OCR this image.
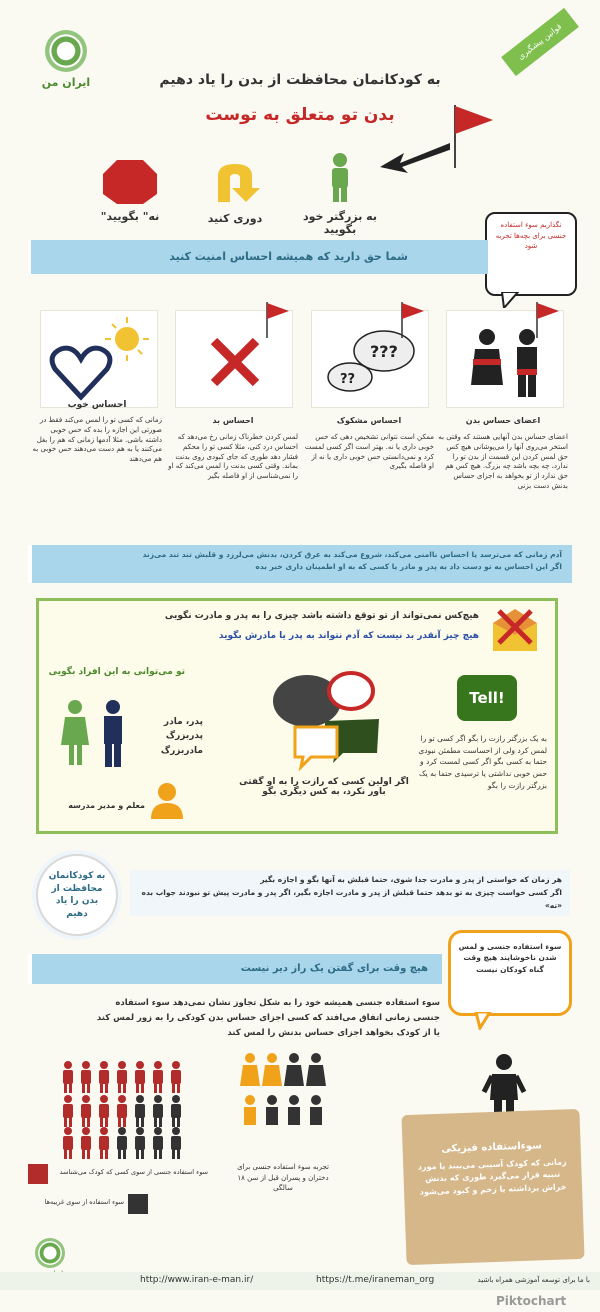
ایران من
قوانین پیشگیری
به کودکانمان محافظت از بدن را یاد دهیم
بدن تو متعلق به توست
به بزرگتر خود بگویید
دوری کنید
"نه" بگویید
نگذاریم سوء استفاده جنسی برای بچه‌ها تجربه شود
شما حق دارید که همیشه احساس امنیت کنید
???
??
اعضای حساس بدن
اعضای حساس بدن آنهایی هستند که وقتی به استخر می‌روی آنها را می‌پوشانی هیچ کس حق لمس کردن این قسمت از بدن تو را ندارد، چه بچه باشد چه بزرگ. هیچ کس هم حق ندارد از تو بخواهد به اجزای حساس بدنش دست بزنی
احساس مشکوک
ممکن است نتوانی تشخیص دهی که حس خوبی داری یا نه. بهتر است اگر کسی لمست کرد و نمی‌دانستی حس خوبی داری یا نه از او فاصله بگیری
احساس بد
لمس کردن خطرناک زمانی رخ می‌دهد که احساس درد کنی، مثلا کسی تو را محکم فشار دهد طوری که جای کبودی روی بدنت بماند. وقتی کسی بدنت را لمس می‌کند که او را نمی‌شناسی از او فاصله بگیر
احساس خوب
زمانی که کسی تو را لمس می‌کند فقط در صورتی این اجازه را بده که حس خوبی داشته باشی. مثلا آدمها زمانی که هم را بغل می‌کنند یا به هم دست می‌دهند حس خوبی به هم می‌دهند
آدم زمانی که می‌ترسد یا احساس ناامنی می‌کند، شروع می‌کند به عرق کردن، بدنش می‌لرزد و قلبش تند تند می‌زند
اگر این احساس به تو دست داد به پدر و مادر یا کسی که به او اطمینان داری خبر بده
هیچ‌کس نمی‌تواند از تو توقع داشته باشد چیزی را به پدر و مادرت نگویی
هیچ چیز آنقدر بد نیست که آدم نتواند به پدر یا مادرش بگوید
تو می‌توانی به این افراد بگویی
پدر، مادر پدربزرگ مادربزرگ
معلم و مدیر مدرسه
اگر اولین کسی که رازت را به او گفتی باور نکرد، به کس دیگری بگو
Tell!
به یک بزرگتر رازت را بگو اگر کسی تو را لمس کرد ولی از احساست مطمئن نبودی حتما به کسی بگو اگر کسی لمست کرد و حس خوبی نداشتی یا ترسیدی حتما به یک بزرگتر رازت را بگو
به کودکانمان محافظت از بدن را یاد دهیم
هر زمان که خواستی از پدر و مادرت جدا شوی، حتما قبلش به آنها بگو و اجازه بگیر
اگر کسی خواست چیزی به تو بدهد حتما قبلش از پدر و مادرت اجازه بگیر، اگر پدر و مادرت پیش تو نبودند جواب بده «نه»
هیچ وقت برای گفتن یک راز دیر نیست
سوء استفاده جنسی و لمس شدن ناخوشایند هیچ وقت گناه کودکان نیست
سوء استفاده جنسی همیشه خود را به شکل تجاوز نشان نمی‌دهد سوء استفاده جنسی زمانی اتفاق می‌افتد که کسی اجزای حساس بدن کودکی را به زور لمس کند یا از کودک بخواهد اجزای حساس بدنش را لمس کند
تجربه سوء استفاده جنسی برای دختران و پسران قبل از سن ۱۸ سالگی
سوء استفاده جنسی از سوی کسی که کودک می‌شناسد
سوء استفاده از سوی غریبه‌ها
سوءاستفاده فیزیکی
زمانی که کودک آسیبی می‌بیند یا مورد تنبیه قرار می‌گیرد طوری که بدنش خراش برداشته یا زخم و کبود می‌شود
http://www.iran-e-man.ir/	https://t.me/iraneman_org	با ما برای توسعه آموزشی همراه باشید
Piktochart
